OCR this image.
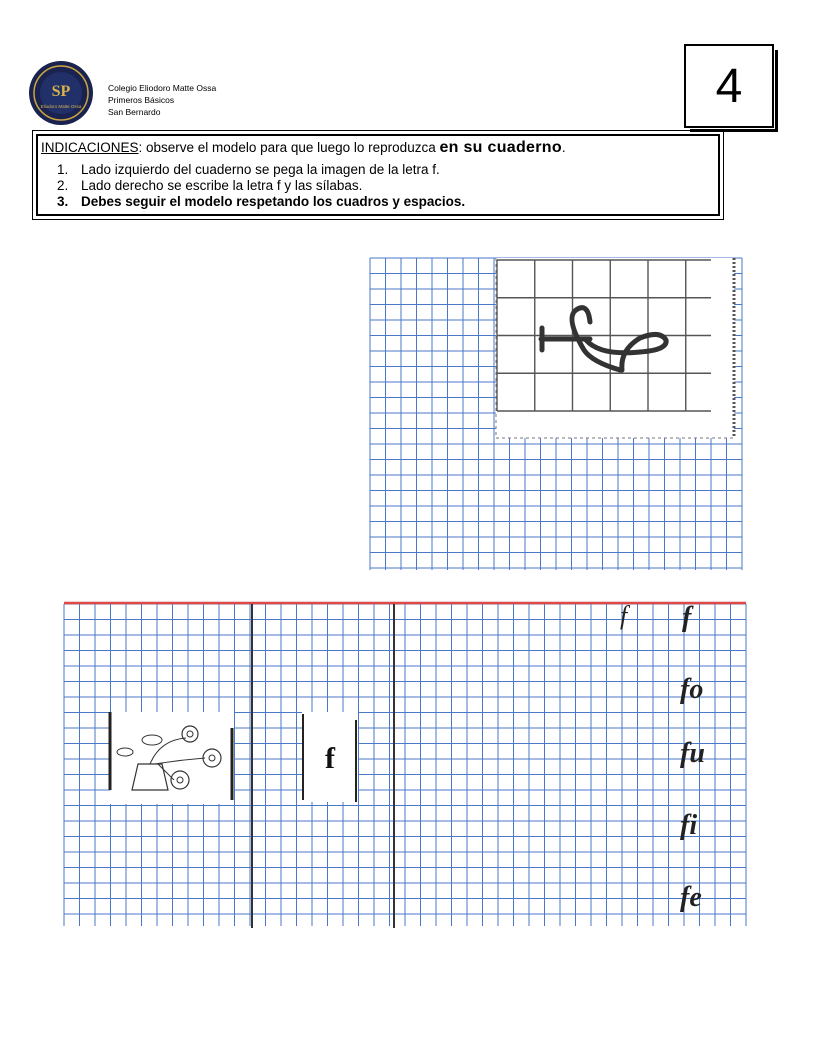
SP
Eliodoro Matte Ossa
Colegio Eliodoro Matte Ossa
Primeros Básicos
San Bernardo	4
INDICACIONES: observe el modelo para que luego lo reproduzca en su cuaderno.
1. Lado izquierdo del cuaderno se pega la imagen de la letra f.
2. Lado derecho se escribe la letra f y las sílabas.
3. Debes seguir el modelo respetando los cuadros y espacios.
f
f f
fo
fu
fi
fe
